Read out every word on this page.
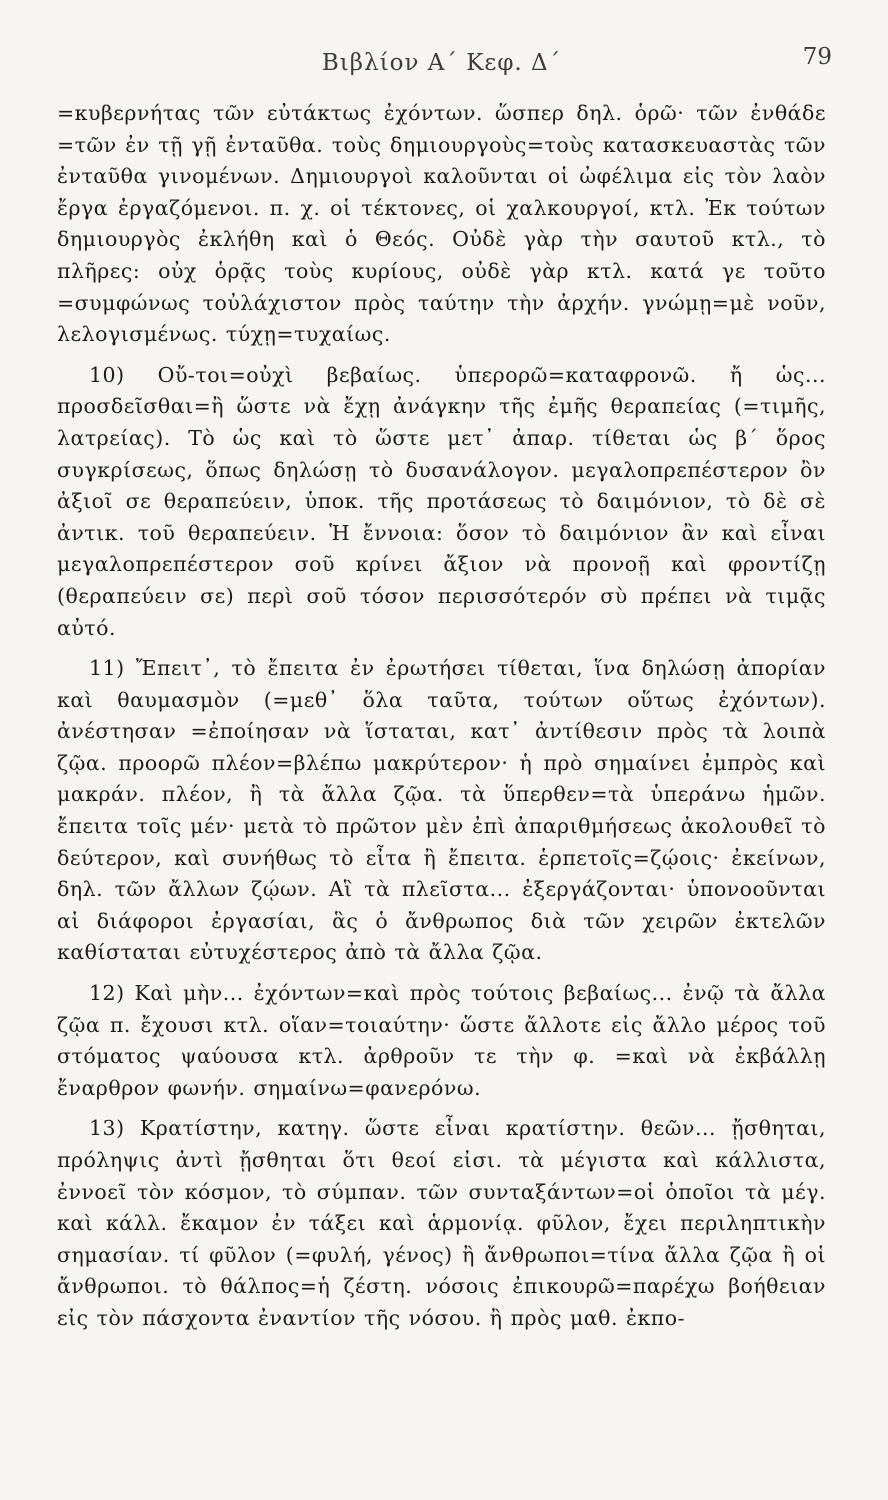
Βιβλίον Α΄ Κεφ. Δ΄	79

=κυβερνήτας τῶν εὐτάκτως ἐχόντων. ὥσπερ δηλ. ὁρῶ· τῶν ἐνθάδε =τῶν ἐν τῇ γῇ ἐνταῦθα. τοὺς δημιουργοὺς=τοὺς κατασκευαστὰς τῶν ἐνταῦθα γινομένων. Δημιουργοὶ καλοῦνται οἱ ὠφέλιμα εἰς τὸν λαὸν ἔργα ἐργαζόμενοι. π. χ. οἱ τέκτονες, οἱ χαλκουργοί, κτλ. Ἐκ τούτων δημιουργὸς ἐκλήθη καὶ ὁ Θεός. Οὐδὲ γὰρ τὴν σαυτοῦ κτλ., τὸ πλῆρες: οὐχ ὁρᾷς τοὺς κυρίους, οὐδὲ γὰρ κτλ. κατά γε τοῦτο =συμφώνως τοὐλάχιστον πρὸς ταύτην τὴν ἀρχήν. γνώμῃ=μὲ νοῦν, λελογισμένως. τύχῃ=τυχαίως.

10) Οὔ-τοι=οὐχὶ βεβαίως. ὑπερορῶ=καταφρονῶ. ἤ ὡς... προσδεῖσθαι=ἢ ὥστε νὰ ἔχῃ ἀνάγκην τῆς ἐμῆς θεραπείας (=τιμῆς, λατρείας). Τὸ ὡς καὶ τὸ ὥστε μετ᾽ ἀπαρ. τίθεται ὡς β΄ ὅρος συγκρίσεως, ὅπως δηλώσῃ τὸ δυσανάλογον. μεγαλοπρεπέστερον ὂν ἀξιοῖ σε θεραπεύειν, ὑποκ. τῆς προτάσεως τὸ δαιμόνιον, τὸ δὲ σὲ ἀντικ. τοῦ θεραπεύειν. Ἡ ἔννοια: ὅσον τὸ δαιμόνιον ἂν καὶ εἶναι μεγαλοπρεπέστερον σοῦ κρίνει ἄξιον νὰ προνοῇ καὶ φροντίζῃ (θεραπεύειν σε) περὶ σοῦ τόσον περισσότερόν σὺ πρέπει νὰ τιμᾷς αὐτό.

11) Ἔπειτ᾽, τὸ ἔπειτα ἐν ἐρωτήσει τίθεται, ἵνα δηλώσῃ ἀπορίαν καὶ θαυμασμὸν (=μεθ᾽ ὅλα ταῦτα, τούτων οὕτως ἐχόντων). ἀνέστησαν =ἐποίησαν νὰ ἵσταται, κατ᾽ ἀντίθεσιν πρὸς τὰ λοιπὰ ζῷα. προορῶ πλέον=βλέπω μακρύτερον· ἡ πρὸ σημαίνει ἐμπρὸς καὶ μακράν. πλέον, ἢ τὰ ἄλλα ζῷα. τὰ ὕπερθεν=τὰ ὑπεράνω ἡμῶν. ἔπειτα τοῖς μέν· μετὰ τὸ πρῶτον μὲν ἐπὶ ἀπαριθμήσεως ἀκολουθεῖ τὸ δεύτερον, καὶ συνήθως τὸ εἶτα ἢ ἔπειτα. ἑρπετοῖς=ζῴοις· ἐκείνων, δηλ. τῶν ἄλλων ζῴων. Αἳ τὰ πλεῖστα... ἐξεργάζονται· ὑπονοοῦνται αἱ διάφοροι ἐργασίαι, ἃς ὁ ἄνθρωπος διὰ τῶν χειρῶν ἐκτελῶν καθίσταται εὐτυχέστερος ἀπὸ τὰ ἄλλα ζῷα.

12) Καὶ μὴν... ἐχόντων=καὶ πρὸς τούτοις βεβαίως... ἐνῷ τὰ ἄλλα ζῷα π. ἔχουσι κτλ. οἵαν=τοιαύτην· ὥστε ἄλλοτε εἰς ἄλλο μέρος τοῦ στόματος ψαύουσα κτλ. ἀρθροῦν τε τὴν φ. =καὶ νὰ ἐκβάλλῃ ἔναρθρον φωνήν. σημαίνω=φανερόνω.

13) Κρατίστην, κατηγ. ὥστε εἶναι κρατίστην. θεῶν... ᾔσθηται, πρόληψις ἀντὶ ᾔσθηται ὅτι θεοί εἰσι. τὰ μέγιστα καὶ κάλλιστα, ἐννοεῖ τὸν κόσμον, τὸ σύμπαν. τῶν συνταξάντων=οἱ ὁποῖοι τὰ μέγ. καὶ κάλλ. ἔκαμον ἐν τάξει καὶ ἁρμονίᾳ. φῦλον, ἔχει περιληπτικὴν σημασίαν. τί φῦλον (=φυλή, γένος) ἢ ἄνθρωποι=τίνα ἄλλα ζῷα ἢ οἱ ἄνθρωποι. τὸ θάλπος=ἡ ζέστη. νόσοις ἐπικουρῶ=παρέχω βοήθειαν εἰς τὸν πάσχοντα ἐναντίον τῆς νόσου. ἢ πρὸς μαθ. ἐκπο-
